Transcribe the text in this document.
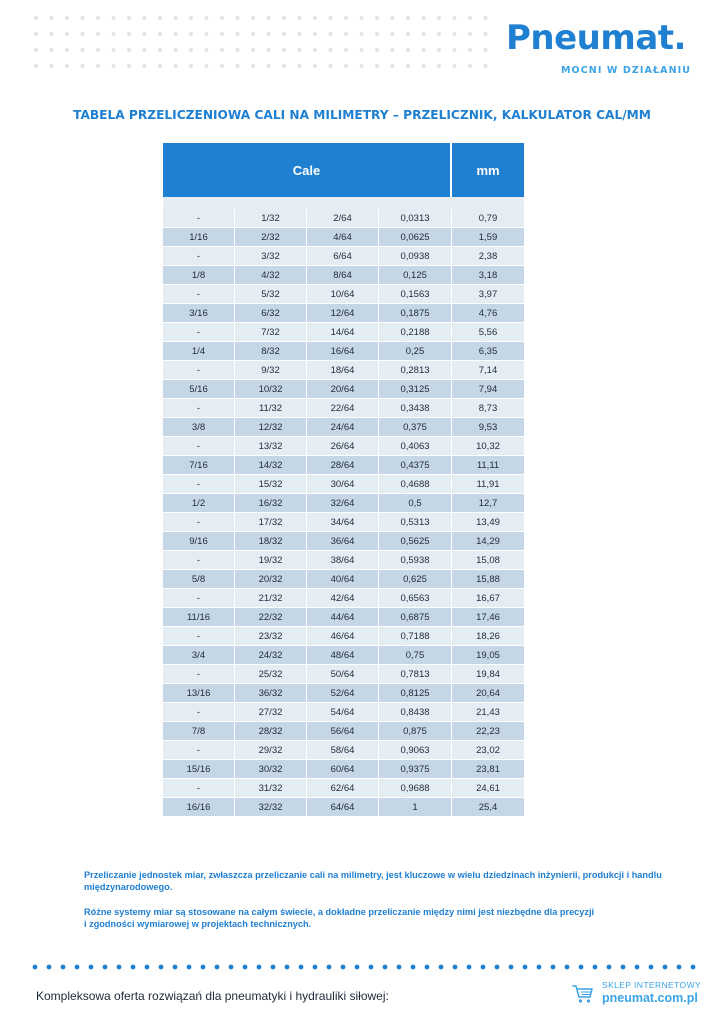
Pneumat.
MOCNI W DZIAŁANIU
TABELA PRZELICZENIOWA CALI NA MILIMETRY – PRZELICZNIK, KALKULATOR CAL/MM
Cale	mm
-	1/32	2/64	0,0313	0,79
1/16	2/32	4/64	0,0625	1,59
-	3/32	6/64	0,0938	2,38
1/8	4/32	8/64	0,125	3,18
-	5/32	10/64	0,1563	3,97
3/16	6/32	12/64	0,1875	4,76
-	7/32	14/64	0,2188	5,56
1/4	8/32	16/64	0,25	6,35
-	9/32	18/64	0,2813	7,14
5/16	10/32	20/64	0,3125	7,94
-	11/32	22/64	0,3438	8,73
3/8	12/32	24/64	0,375	9,53
-	13/32	26/64	0,4063	10,32
7/16	14/32	28/64	0,4375	11,11
-	15/32	30/64	0,4688	11,91
1/2	16/32	32/64	0,5	12,7
-	17/32	34/64	0,5313	13,49
9/16	18/32	36/64	0,5625	14,29
-	19/32	38/64	0,5938	15,08
5/8	20/32	40/64	0,625	15,88
-	21/32	42/64	0,6563	16,67
11/16	22/32	44/64	0,6875	17,46
-	23/32	46/64	0,7188	18,26
3/4	24/32	48/64	0,75	19,05
-	25/32	50/64	0,7813	19,84
13/16	36/32	52/64	0,8125	20,64
-	27/32	54/64	0,8438	21,43
7/8	28/32	56/64	0,875	22,23
-	29/32	58/64	0,9063	23,02
15/16	30/32	60/64	0,9375	23,81
-	31/32	62/64	0,9688	24,61
16/16	32/32	64/64	1	25,4
Przeliczanie jednostek miar, zwłaszcza przeliczanie cali na milimetry, jest kluczowe w wielu dziedzinach inżynierii, produkcji i handlu międzynarodowego.
Różne systemy miar są stosowane na całym świecie, a dokładne przeliczanie między nimi jest niezbędne dla precyzji
i zgodności wymiarowej w projektach technicznych.
Kompleksowa oferta rozwiązań dla pneumatyki i hydrauliki siłowej:
SKLEP INTERNETOWY
pneumat.com.pl
